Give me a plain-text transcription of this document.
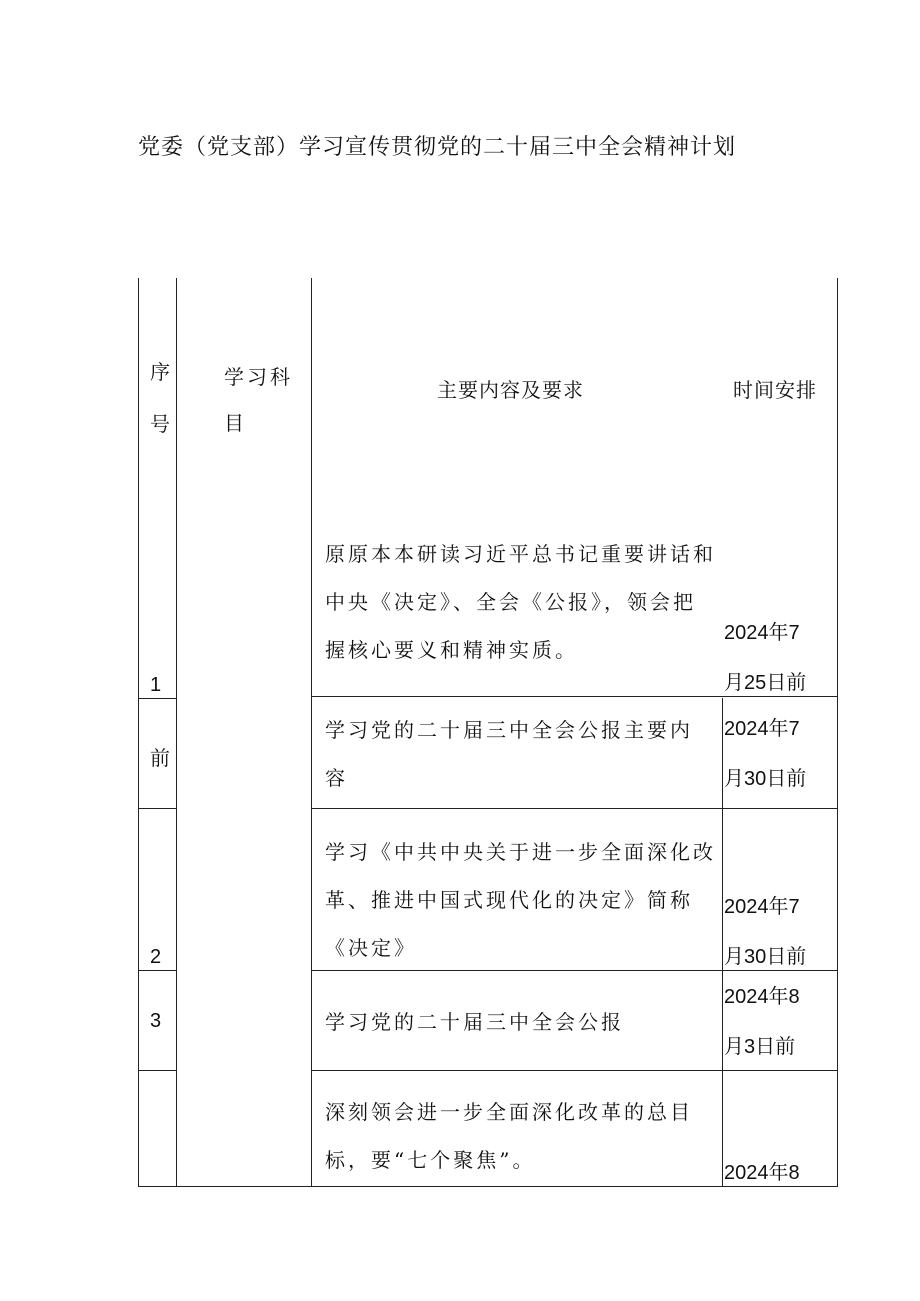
党委（党支部）学习宣传贯彻党的二十届三中全会精神计划
序
号
学习科
目
主要内容及要求	时间安排
1
原原本本研读习近平总书记重要讲话和
中央《决定》、全会《公报》，领会把
握核心要义和精神实质。
2024年7
月25日前
前
学习党的二十届三中全会公报主要内
容
2024年7
月30日前
2
学习《中共中央关于进一步全面深化改
革、推进中国式现代化的决定》简称
《决定》
2024年7
月30日前
3	学习党的二十届三中全会公报
2024年8
月3日前
深刻领会进一步全面深化改革的总目
标，要“七个聚焦”。
2024年8
